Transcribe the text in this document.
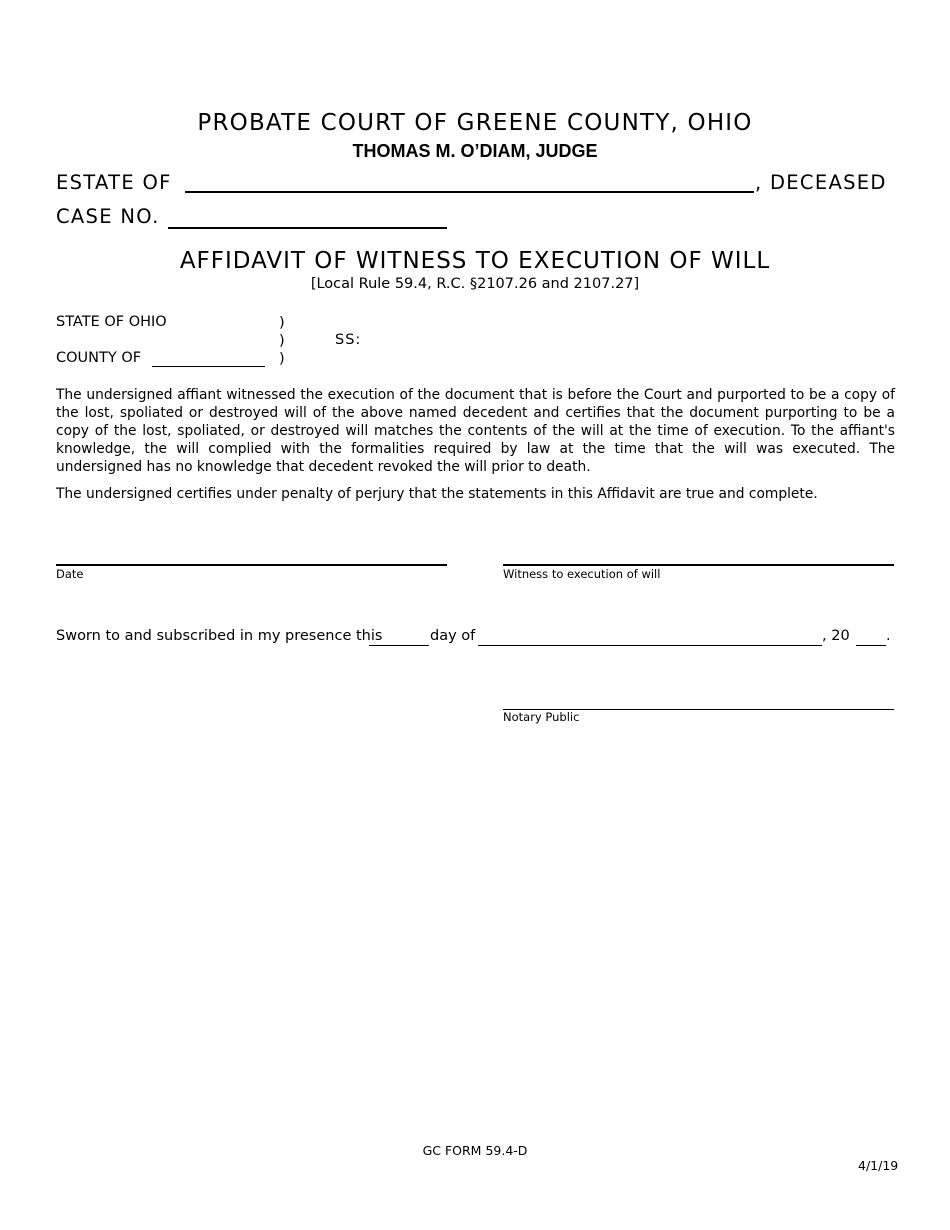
PROBATE COURT OF GREENE COUNTY, OHIO
THOMAS M. O’DIAM, JUDGE
ESTATE OF	, DECEASED
CASE NO.
AFFIDAVIT OF WITNESS TO EXECUTION OF WILL
[Local Rule 59.4, R.C. §2107.26 and 2107.27]
STATE OF OHIO	)
)	SS:
COUNTY OF	)
The undersigned affiant witnessed the execution of the document that is before the Court and purported to be a copy of the lost, spoliated or destroyed will of the above named decedent and certifies that the document purporting to be a copy of the lost, spoliated, or destroyed will matches the contents of the will at the time of execution. To the affiant's knowledge, the will complied with the formalities required by law at the time that the will was executed. The undersigned has no knowledge that decedent revoked the will prior to death.
The undersigned certifies under penalty of perjury that the statements in this Affidavit are true and complete.
Date	Witness to execution of will
Sworn to and subscribed in my presence this	day of	, 20	.
Notary Public
GC FORM 59.4-D
4/1/19
